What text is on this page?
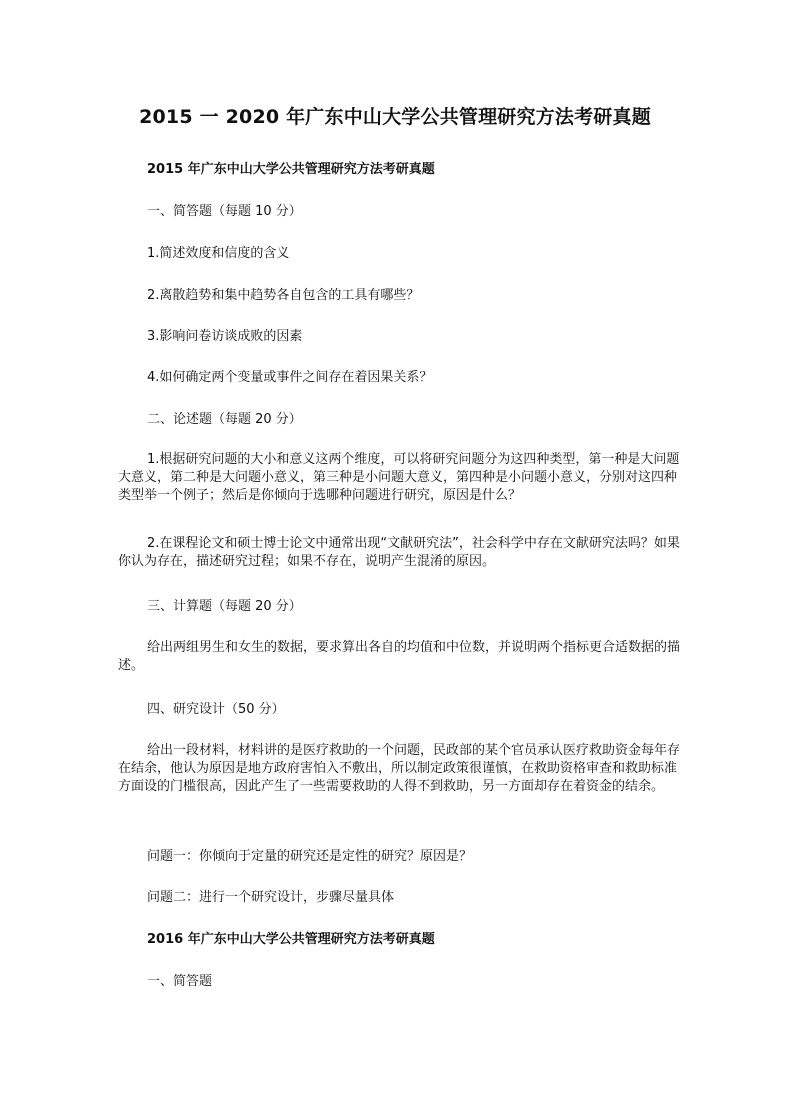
2015 一 2020 年广东中山大学公共管理研究方法考研真题
2015 年广东中山大学公共管理研究方法考研真题
一、简答题（每题 10 分）
1.简述效度和信度的含义
2.离散趋势和集中趋势各自包含的工具有哪些？
3.影响问卷访谈成败的因素
4.如何确定两个变量或事件之间存在着因果关系？
二、论述题（每题 20 分）
1.根据研究问题的大小和意义这两个维度，可以将研究问题分为这四种类型，第一种是大问题大意义，第二种是大问题小意义，第三种是小问题大意义，第四种是小问题小意义，分别对这四种类型举一个例子；然后是你倾向于选哪种问题进行研究，原因是什么？
2.在课程论文和硕士博士论文中通常出现“文献研究法”，社会科学中存在文献研究法吗？如果你认为存在，描述研究过程；如果不存在，说明产生混淆的原因。
三、计算题（每题 20 分）
给出两组男生和女生的数据，要求算出各自的均值和中位数，并说明两个指标更合适数据的描述。
四、研究设计（50 分）
给出一段材料，材料讲的是医疗救助的一个问题，民政部的某个官员承认医疗救助资金每年存在结余，他认为原因是地方政府害怕入不敷出，所以制定政策很谨慎，在救助资格审查和救助标准方面设的门槛很高，因此产生了一些需要救助的人得不到救助，另一方面却存在着资金的结余。
问题一：你倾向于定量的研究还是定性的研究？原因是？
问题二：进行一个研究设计，步骤尽量具体
2016 年广东中山大学公共管理研究方法考研真题
一、简答题
